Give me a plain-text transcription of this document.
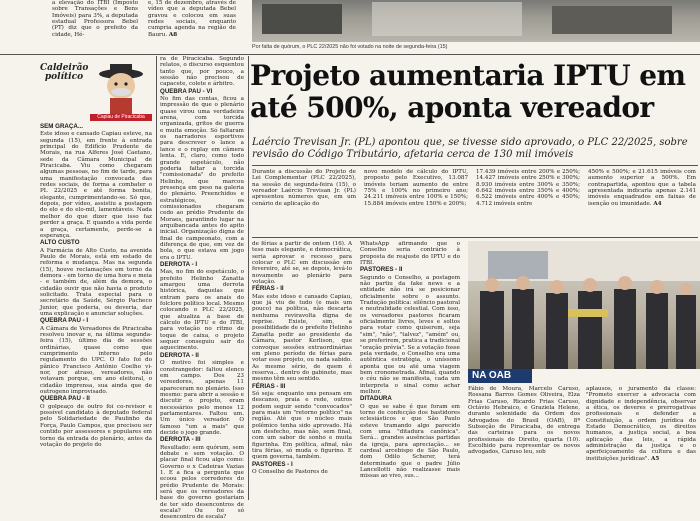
a elevação do ITBI (Imposto sobre Transações e Bens Imóveis) para 3%, a deputada estadual Professora Bebel (PT) diz que o prefeito da cidade, Hé-

e, 15 de dezembro, através de vídeo que a deputada Bebel gravou e colocou em suas redes sociais, enquanto cumpria agenda na região de Bauru. A8

Por falta de quórum, o PLC 22/2025 não foi votado na noite de segunda-feira (15)
Caldeirão
político
Capiau de Piracicaba
SEM GRAÇA...

Este idoso e cansado Capiau esteve, na segunda (15), em frente à entrada principal do Edifício Prudente de Morais, na rua Alferes José Caetano, sede da Câmara Municipal de Piracicaba. Viu como chegaram algumas pessoas, no fim de tarde, para uma manifestação convocada das redes sociais, de forma a combater o PL 22/2025 e até forma bonita, elegante, cumprimentando-se. Só que, depois, por vídeo, assistiu a postagem do elo e do elo-mil, lamentáveis. Nada melhor do que dizer que isso faz perder a graça. E quando a vida perde a graça, certamente, perde-se a esperança.

ALTO CUSTO

A Farmácia de Alto Custo, na avenida Paulo de Morais, está em estado de reforma e mudança. Mas na segunda (15), houve reclamações em torno da demora - em torno de uma hora e meia - e também de, além da demora, o cidadão ouvir que não havia o produto solicitado. Trata especial para o secretário da Saúde, Sérgio Pacheco Junior, que poderia, ou deveria, dar uma explicação e anunciar soluções.

QUEBRA PAU - I

A Câmara de Vereadores de Piracicaba resolveu inovar e, na última segunda-feira (15), último dia de sessões ordinárias, quase como que cumprimento interno pelo regulamento do UPC. O fato foi do pânico Francisco Antônio Coelho vi- nor, por atraso, vereadores, não votavam porque, em ano eleitoral, o cidadão imprensa, sua ainda que de outrogeno improvisado.

QUEBRA PAU - II

O golpeaço de outro foi co-revisor e possível candidato à deputado federal pelo Solidariedade de Paulinho da Força, Paulo Campos, que precisou ser contido por assessores e populares em torno da entrada do plenário, antes da votação do projeto do

ra de Piracicaba. Segundo relatos, o discurso esquentou tanto que, por pouco, a sessão não precisou de capacete, colete e árbitro.

QUEBRA PAU - VI

No fim das contas, ficou a impressão de que o plenário quase virou uma verdadeira arena, com torcida organizada, gritos de guerra e muita emoção. Só faltaram os narradores esportivos para descrever o lance a lance e o replay em câmera lenta. E, claro, como todo grande espetáculo, não poderia faltar a torcida "comissionada" do prefeito Helinho, que marcou presença em peso na galeria do plenário. Preenchidos e estratégicos, os comissionados chegaram cedo ao prédio Prudente de Moraes, garantindo lugar na arquibancada antes do apito inicial. Organização digna de final de campeonato, com a diferença de que, em vez de bola, o que estava em jogo era o IPTU.

DERROTA - I

Mas, no fim do espetáculo, o prefeito Helinho Zanatta amargou uma derrota histórica, daquelas que entram para os anais do folclore político local. Mesmo colocando o PLC 22/2025, que atualiza a base de cálculo do IPTU e do ITBI, para votação no ritmo de toque de caixa, o projeto sequer conseguiu sair do aquecimento.

DERROTA - II

O motivo foi simples e constrangedor: faltou elenco em campo. Dos 23 vereedores, apenas 11 apareceram no plenário. Isso mesmo: para abrir a sessão e discutir o projeto, eram necessários pelo menos 12 parlamentares. Faltou um. Um único vereador. O famoso "um a mais" que decide o jogo grande.

DERROTA - III

Resultado: sem quórum, sem debate e sem votação. O placar final ficou algo como: Governo o x Cadeiras Vazias 1. E a fica a pergunta que ecoou pelos corredores do prédio Prudente de Morais: será que os vereadores da base do governo gostariam de ter sido desencontros de escala? Ou foi só desencontro de escala?

Projeto aumentaria IPTU em
até 500%, aponta vereador
Laércio Trevisan Jr. (PL) apontou que, se tivesse sido aprovado, o PLC 22/2025, sobre revisão do Código Tributário, afetaria cerca de 130 mil imóveis

Durante a discussão do Projeto de Lei Complementar (PLC 22/2025), na sessão de segunda-feira (15), o vereador Laércio Trevisan Jr. (PL) apresentou números que, em um cenário de aplicação do

novo modelo de cálculo do IPTU, proposto pelo Executivo, 13.087 imóveis teriam aumento de entre 75% e 100% no primeiro ano; 24.211 imóveis entre 100% e 150%; 15.884 imóveis entre 150% e 200%;

17.439 imóveis entre 200% e 250%; 14.427 imóveis entre 250% e 300%; 8.930 imóveis entre 300% e 350%; 6.642 imóveis entre 350% e 400%; 6.522 imóveis entre 400% e 450%; 4.712 imóveis entre

450% e 500%; e 21.615 imóveis com aumento superior a 500%. Em contrapartida, apontou que a tabela apresentada indicaria apenas 2.141 imóveis enquadrados em faixas de isenção ou imunidade. A4

de férias a partir de ontem (16). A tese mais elegante, e democrática, seria aprovar e recesso para colocar o PLC em discussão em fevereiro, até se, se depois, levá-lo novamente ao plenário para votação.

FÉRIAS - II

Mas este idoso e cansado Capiau, que já viu de tudo (e mais um pouco) na política, não descarta nenhuma reviravolta digna de reprise. Existe, sim, a possibilidade de o prefeito Helinho Zanatta pedir ao presidente da Câmara, pastor Kerlison, que convoque sessões extraordinárias em pleno período de férias para votar esse projeto, ou nada sabido. As mesmo sério, de quem é reserva... dentro do gabinete, mas mesmo têm seu sentido.

FÉRIAS - III

Só seja: enquanto uns pensam em descanso, praia e rede, outros podem seguir sendo "convocados" para mais um "retorno político" na região. Até que o núcleo mais polêmico tenha sido aprovado. Há um desfecho, mas não, sem final, com um sabor de sonho e muita figurinha. Em política, afinal, não tira férias, só muda o figurino. E quem governa, também.

PASTORES - I

O Conselho de Pastores de

WhatsApp afirmando que o Conselho seria contrário à proposta de reajuste do IPTU e do ITBI.

PASTORES - II

Segundo o Conselho, a postagem não partiu da fake news e a entidade não irá se posicionar oficialmente sobre o assunto. Tradução política: silêncio pastoral e neutralidade celestial. Com isso, os vereadores pastores ficaram oficialmente livres, leves e soltos para votar como quiserem, seja "sim", "não", "talvez", "amém" ou, se preferirem, pratica a tradicional "oração prévia". Se a votação fosse pela verdade, o Conselho era uma autêntica estratégia, o uníssono aponta que ou até uma viagem bem cronometrada. Afinal, quando o céu não se manifesta, cada um interpreta o sinal como achar melhor.

DITADURA

O que se sabe é que foram em torno de confecção dos bastidores eclesiásticos e que São Paulo esteve tramando algo parecido com uma "ditadura canônica". Será... grandes ausências partidas da igreja, para apreciação... se cardeal arcebispo de São Paulo, dom Odilo Scherer, terá determinado que o padre Júlio Lancellotti não realizasse mais missas ao vivo, sus...

NA OAB

Fábio de Moura, Marcelo Caruso, Rossana Barros Gomes Oliveira, Elza Frias Caruso, Ricardo Frias Caruso, Octávio Hebraico, e Graziela Helene, durante solenidade da Ordem dos Advogados do Brasil (OAB), 8ª Subseção de Piracicaba, de entrega das carteiras para os novos profissionais do Direito, quarta (10). Escolhido para representar os novos advogados, Caruso leu, sob

aplausos, o juramento da classe: "Prometo exercer a advocacia com dignidade e independência, observar a ética, os deveres e prerrogativas profissionais e defender a Constituição, a ordem jurídica do Estado Democrático, os direitos humanos, a justiça social, a boa aplicação das leis, a rápida administração da justiça e o aperfeiçoamento da cultura e das instituições jurídicas". A5
